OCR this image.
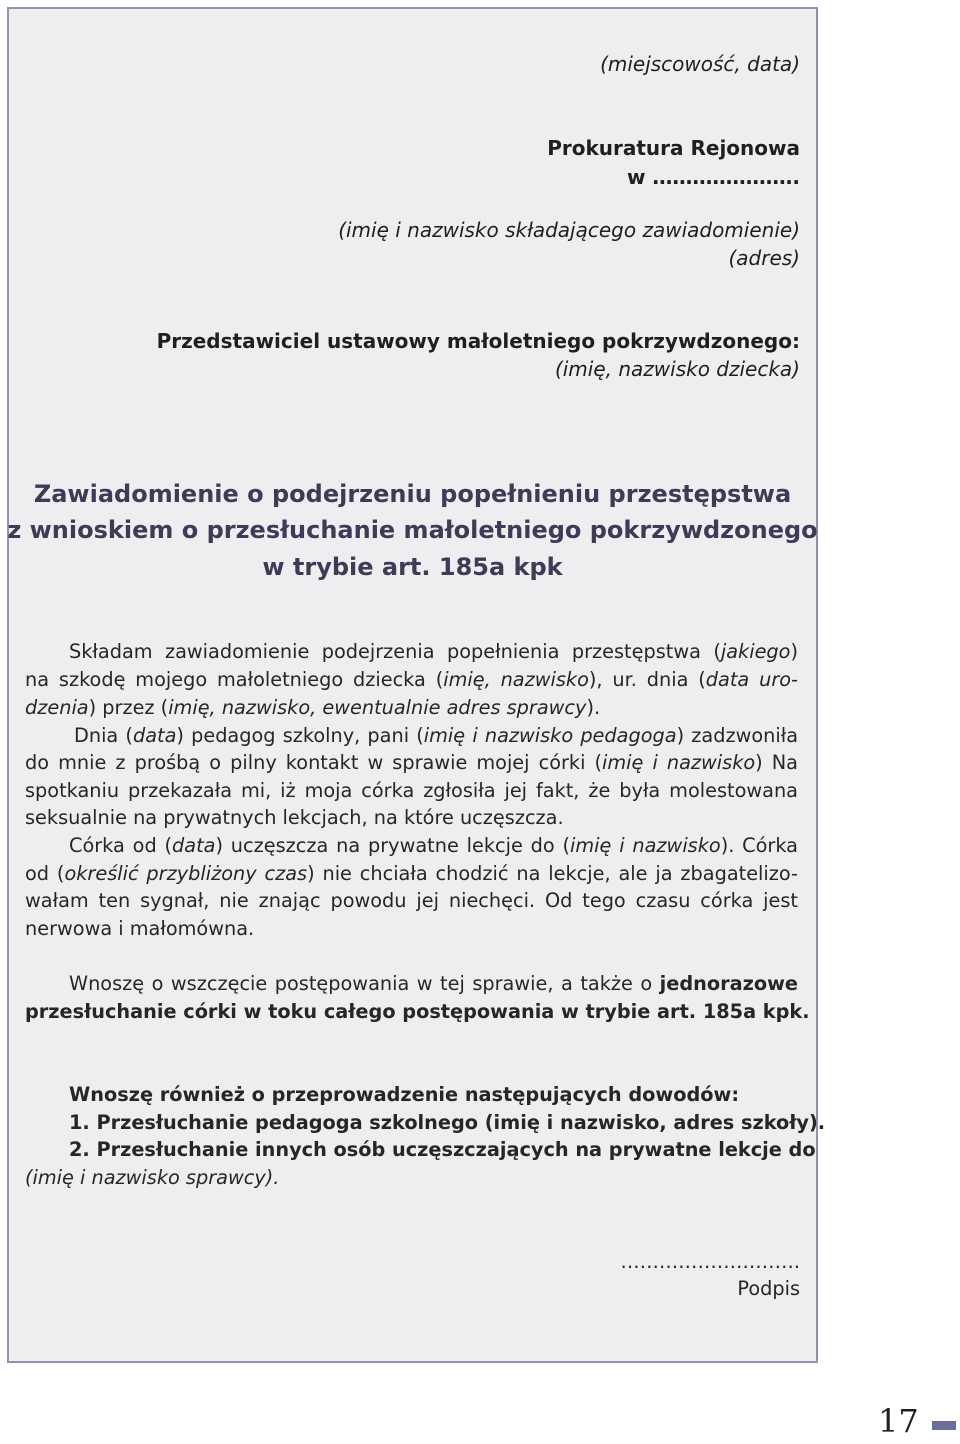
(miejscowość, data)

Prokuratura Rejonowa

w ………………….

(imię i nazwisko składającego zawiadomienie)

(adres)

Przedstawiciel ustawowy małoletniego pokrzywdzonego:

(imię, nazwisko dziecka)

Zawiadomienie o podejrzeniu popełnieniu przestępstwa

z wnioskiem o przesłuchanie małoletniego pokrzywdzonego

w trybie art. 185a kpk

Składam zawiadomienie podejrzenia popełnienia przestępstwa (jakiego)

na szkodę mojego małoletniego dziecka (imię, nazwisko), ur. dnia (data uro-

dzenia) przez (imię, nazwisko, ewentualnie adres sprawcy).

Dnia (data) pedagog szkolny, pani (imię i nazwisko pedagoga) zadzwoniła

do mnie z prośbą o pilny kontakt w sprawie mojej córki (imię i nazwisko) Na

spotkaniu przekazała mi, iż moja córka zgłosiła jej fakt, że była molestowana

seksualnie na prywatnych lekcjach, na które uczęszcza.

Córka od (data) uczęszcza na prywatne lekcje do (imię i nazwisko). Córka

od (określić przybliżony czas) nie chciała chodzić na lekcje, ale ja zbagatelizo-

wałam ten sygnał, nie znając powodu jej niechęci. Od tego czasu córka jest

nerwowa i małomówna.

Wnoszę o wszczęcie postępowania w tej sprawie, a także o jednorazowe

przesłuchanie córki w toku całego postępowania w trybie art. 185a kpk.

Wnoszę również o przeprowadzenie następujących dowodów:

1. Przesłuchanie pedagoga szkolnego (imię i nazwisko, adres szkoły).

2. Przesłuchanie innych osób uczęszczających na prywatne lekcje do

(imię i nazwisko sprawcy).

……………………….

Podpis

17
